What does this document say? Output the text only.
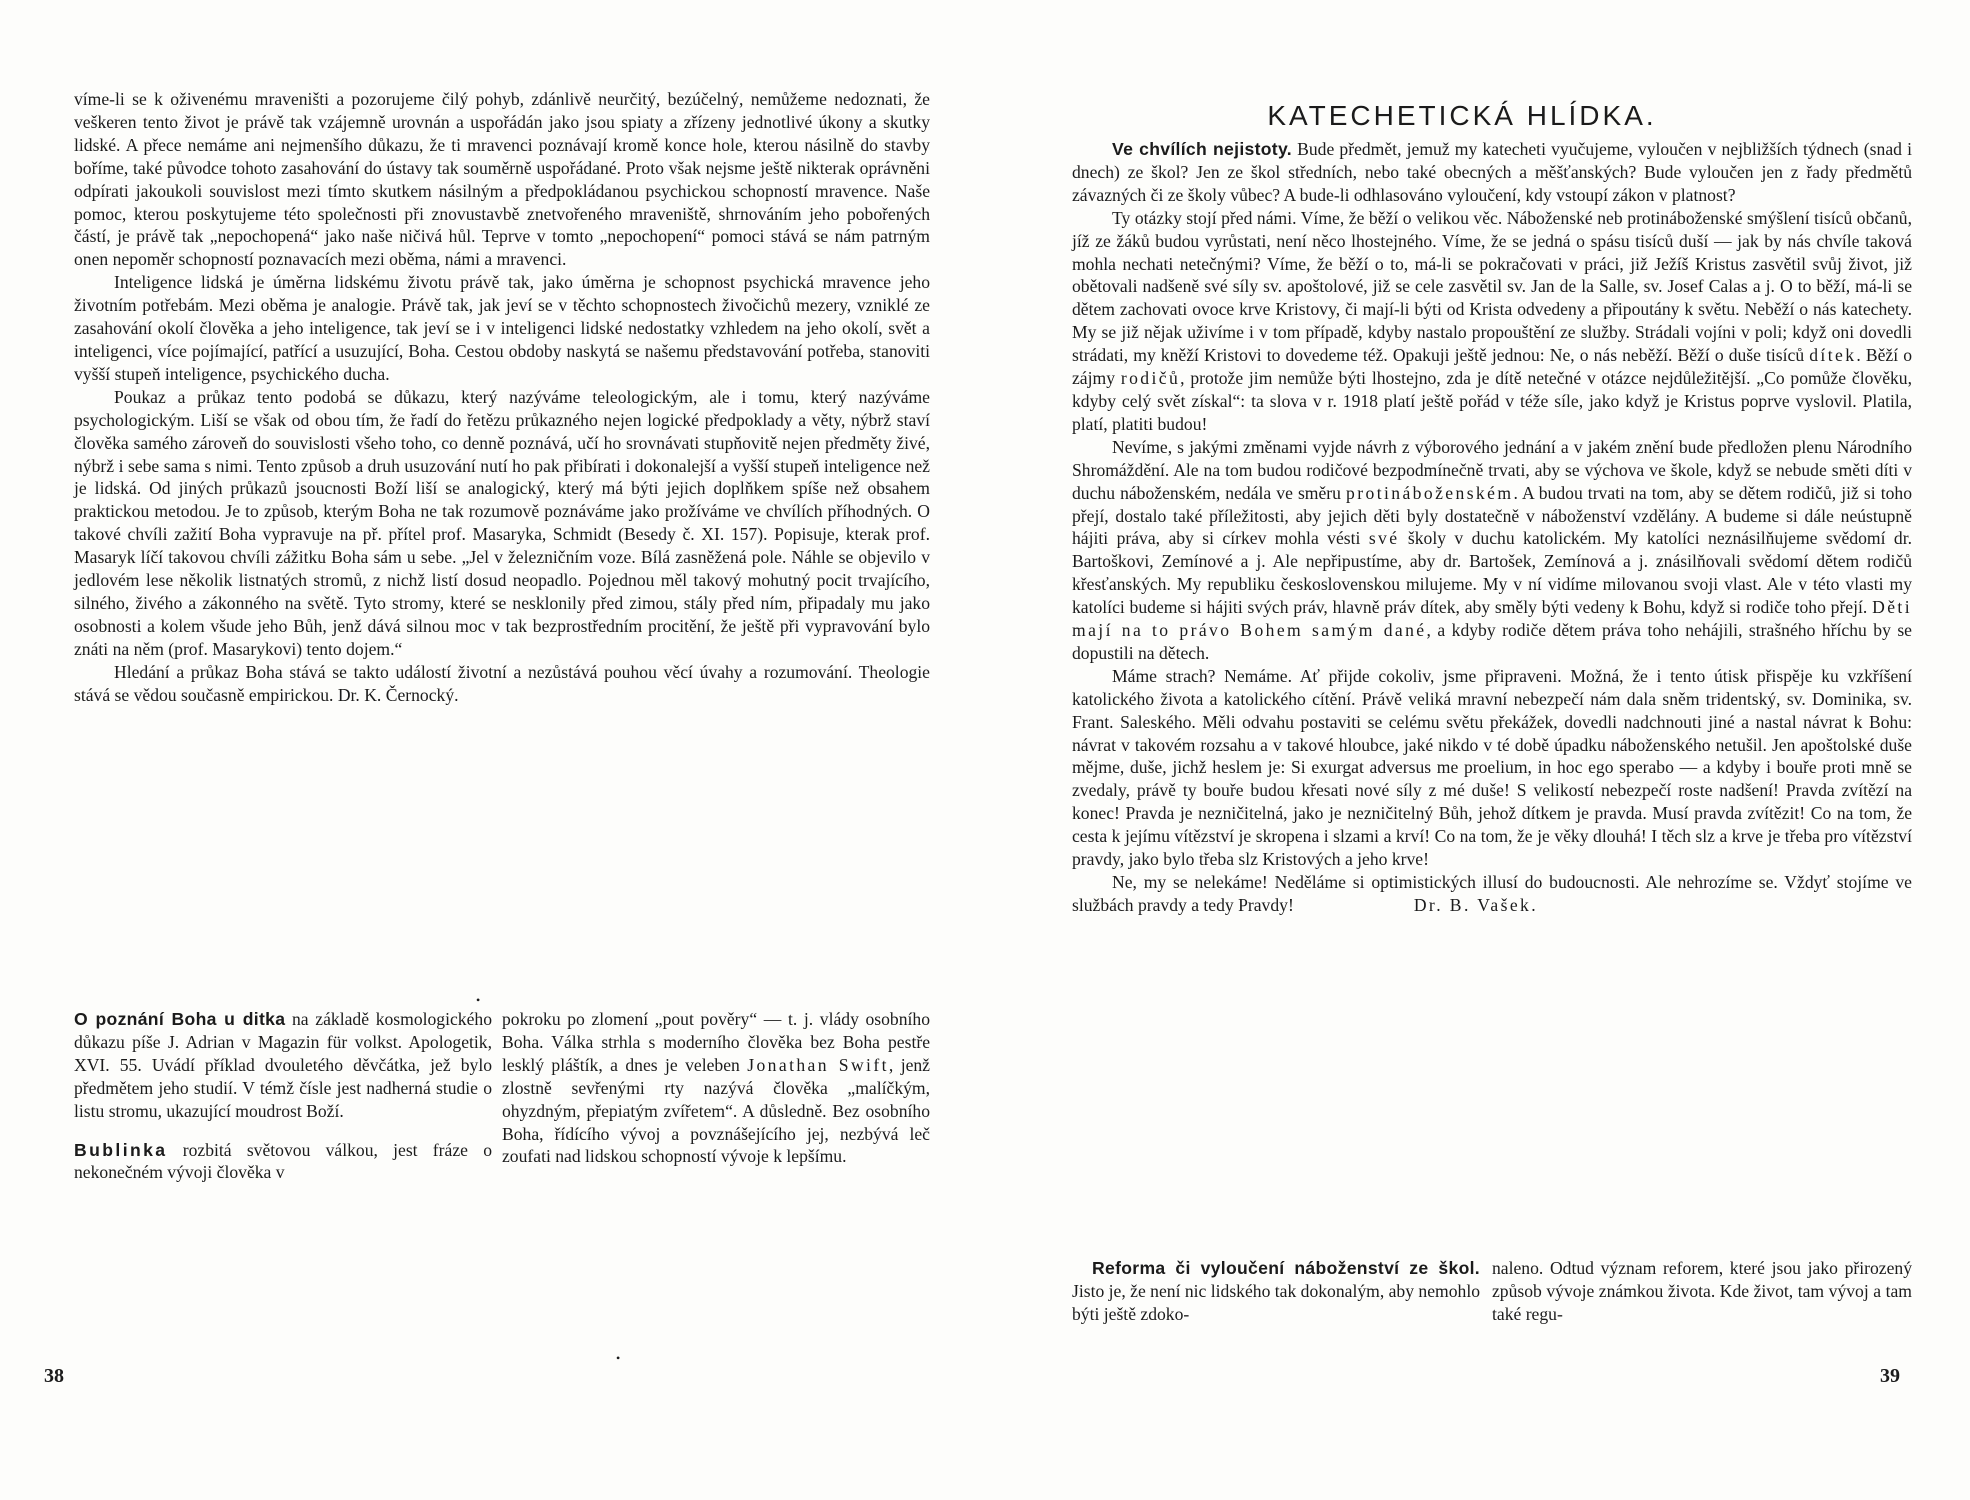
víme-li se k oživenému mraveništi a pozorujeme čilý pohyb, zdánlivě neurčitý, bezúčelný, nemůžeme nedoznati, že veškeren tento život je právě tak vzájemně urovnán a uspořádán jako jsou spiaty a zřízeny jednotlivé úkony a skutky lidské. A přece nemáme ani nejmenšího důkazu, že ti mravenci poznávají kromě konce hole, kterou násilně do stavby boříme, také původce tohoto zasahování do ústavy tak souměrně uspořádané. Proto však nejsme ještě nikterak oprávněni odpírati jakoukoli souvislost mezi tímto skutkem násilným a předpokládanou psychickou schopností mravence. Naše pomoc, kterou poskytujeme této společnosti při znovustavbě znetvořeného mraveniště, shrnováním jeho pobořených částí, je právě tak „nepochopená“ jako naše ničivá hůl. Teprve v tomto „nepochopení“ pomoci stává se nám patrným onen nepoměr schopností poznavacích mezi oběma, námi a mravenci.

Inteligence lidská je úměrna lidskému životu právě tak, jako úměrna je schopnost psychická mravence jeho životním potřebám. Mezi oběma je analogie. Právě tak, jak jeví se v těchto schopnostech živočichů mezery, vzniklé ze zasahování okolí člověka a jeho inteligence, tak jeví se i v inteligenci lidské nedostatky vzhledem na jeho okolí, svět a inteligenci, více pojímající, patřící a usuzující, Boha. Cestou obdoby naskytá se našemu představování potřeba, stanoviti vyšší stupeň inteligence, psychického ducha.

Poukaz a průkaz tento podobá se důkazu, který nazýváme teleologickým, ale i tomu, který nazýváme psychologickým. Liší se však od obou tím, že řadí do řetězu průkazného nejen logické předpoklady a věty, nýbrž staví člověka samého zároveň do souvislosti všeho toho, co denně poznává, učí ho srovnávati stupňovitě nejen předměty živé, nýbrž i sebe sama s nimi. Tento způsob a druh usuzování nutí ho pak přibírati i dokonalejší a vyšší stupeň inteligence než je lidská. Od jiných průkazů jsoucnosti Boží liší se analogický, který má býti jejich doplňkem spíše než obsahem praktickou metodou. Je to způsob, kterým Boha ne tak rozumově poznáváme jako prožíváme ve chvílích příhodných. O takové chvíli zažití Boha vypravuje na př. přítel prof. Masaryka, Schmidt (Besedy č. XI. 157). Popisuje, kterak prof. Masaryk líčí takovou chvíli zážitku Boha sám u sebe. „Jel v železničním voze. Bílá zasněžená pole. Náhle se objevilo v jedlovém lese několik listnatých stromů, z nichž listí dosud neopadlo. Pojednou měl takový mohutný pocit trvajícího, silného, živého a zákonného na světě. Tyto stromy, které se nesklonily před zimou, stály před ním, připadaly mu jako osobnosti a kolem všude jeho Bůh, jenž dává silnou moc v tak bezprostředním procitění, že ještě při vypravování bylo znáti na něm (prof. Masarykovi) tento dojem.“

Hledání a průkaz Boha stává se takto událostí životní a nezůstává pouhou věcí úvahy a rozumování. Theologie stává se vědou současně empirickou. Dr. K. Černocký.

•

O poznání Boha u ditka na základě kosmologického důkazu píše J. Adrian v Magazin für volkst. Apologetik, XVI. 55. Uvádí příklad dvouletého děvčátka, jež bylo předmětem jeho studií. V témž čísle jest nadherná studie o listu stromu, ukazující moudrost Boží.

Bublinka rozbitá světovou válkou, jest fráze o nekonečném vývoji člověka v

pokroku po zlomení „pout pověry“ — t. j. vlády osobního Boha. Válka strhla s moderního člověka bez Boha pestře lesklý pláštík, a dnes je veleben Jonathan Swift, jenž zlostně sevřenými rty nazývá člověka „malíčkým, ohyzdným, přepiatým zvířetem“. A důsledně. Bez osobního Boha, řídícího vývoj a povznášejícího jej, nezbývá leč zoufati nad lidskou schopností vývoje k lepšímu.

38
•
KATECHETICKÁ HLÍDKA.

Ve chvílích nejistoty. Bude předmět, jemuž my katecheti vyučujeme, vyloučen v nejbližších týdnech (snad i dnech) ze škol? Jen ze škol středních, nebo také obecných a měšťanských? Bude vyloučen jen z řady předmětů závazných či ze školy vůbec? A bude-li odhlasováno vyloučení, kdy vstoupí zákon v platnost?

Ty otázky stojí před námi. Víme, že běží o velikou věc. Náboženské neb protináboženské smýšlení tisíců občanů, jíž ze žáků budou vyrůstati, není něco lhostejného. Víme, že se jedná o spásu tisíců duší — jak by nás chvíle taková mohla nechati netečnými? Víme, že běží o to, má-li se pokračovati v práci, již Ježíš Kristus zasvětil svůj život, již obětovali nadšeně své síly sv. apoštolové, již se cele zasvětil sv. Jan de la Salle, sv. Josef Calas a j. O to běží, má-li se dětem zachovati ovoce krve Kristovy, či mají-li býti od Krista odvedeny a připoutány k světu. Neběží o nás katechety. My se již nějak uživíme i v tom případě, kdyby nastalo propouštění ze služby. Strádali vojíni v poli; když oni dovedli strádati, my kněží Kristovi to dovedeme též. Opakuji ještě jednou: Ne, o nás neběží. Běží o duše tisíců dítek. Běží o zájmy rodičů, protože jim nemůže býti lhostejno, zda je dítě netečné v otázce nejdůležitější. „Co pomůže člověku, kdyby celý svět získal“: ta slova v r. 1918 platí ještě pořád v téže síle, jako když je Kristus poprve vyslovil. Platila, platí, platiti budou!

Nevíme, s jakými změnami vyjde návrh z výborového jednání a v jakém znění bude předložen plenu Národního Shromáždění. Ale na tom budou rodičové bezpodmínečně trvati, aby se výchova ve škole, když se nebude směti díti v duchu náboženském, nedála ve směru protináboženském. A budou trvati na tom, aby se dětem rodičů, již si toho přejí, dostalo také příležitosti, aby jejich děti byly dostatečně v náboženství vzdělány. A budeme si dále neústupně hájiti práva, aby si církev mohla vésti své školy v duchu katolickém. My katolíci neznásilňujeme svědomí dr. Bartoškovi, Zemínové a j. Ale nepřipustíme, aby dr. Bartošek, Zemínová a j. znásilňovali svědomí dětem rodičů křesťanských. My republiku československou milujeme. My v ní vidíme milovanou svoji vlast. Ale v této vlasti my katolíci budeme si hájiti svých práv, hlavně práv dítek, aby směly býti vedeny k Bohu, když si rodiče toho přejí. Děti mají na to právo Bohem samým dané, a kdyby rodiče dětem práva toho nehájili, strašného hříchu by se dopustili na dětech.

Máme strach? Nemáme. Ať přijde cokoliv, jsme připraveni. Možná, že i tento útisk přispěje ku vzkříšení katolického života a katolického cítění. Právě veliká mravní nebezpečí nám dala sněm tridentský, sv. Dominika, sv. Frant. Saleského. Měli odvahu postaviti se celému světu překážek, dovedli nadchnouti jiné a nastal návrat k Bohu: návrat v takovém rozsahu a v takové hloubce, jaké nikdo v té době úpadku náboženského netušil. Jen apoštolské duše mějme, duše, jichž heslem je: Si exurgat adversus me proelium, in hoc ego sperabo — a kdyby i bouře proti mně se zvedaly, právě ty bouře budou křesati nové síly z mé duše! S velikostí nebezpečí roste nadšení! Pravda zvítězí na konec! Pravda je nezničitelná, jako je nezničitelný Bůh, jehož dítkem je pravda. Musí pravda zvítězit! Co na tom, že cesta k jejímu vítězství je skropena i slzami a krví! Co na tom, že je věky dlouhá! I těch slz a krve je třeba pro vítězství pravdy, jako bylo třeba slz Kristových a jeho krve!

Ne, my se nelekáme! Neděláme si optimistických illusí do budoucnosti. Ale nehrozíme se. Vždyť stojíme ve službách pravdy a tedy Pravdy!	Dr. B. Vašek.

Reforma či vyloučení náboženství ze škol. Jisto je, že není nic lidského tak dokonalým, aby nemohlo býti ještě zdoko-

naleno. Odtud význam reforem, které jsou jako přirozený způsob vývoje známkou života. Kde život, tam vývoj a tam také regu-

39
